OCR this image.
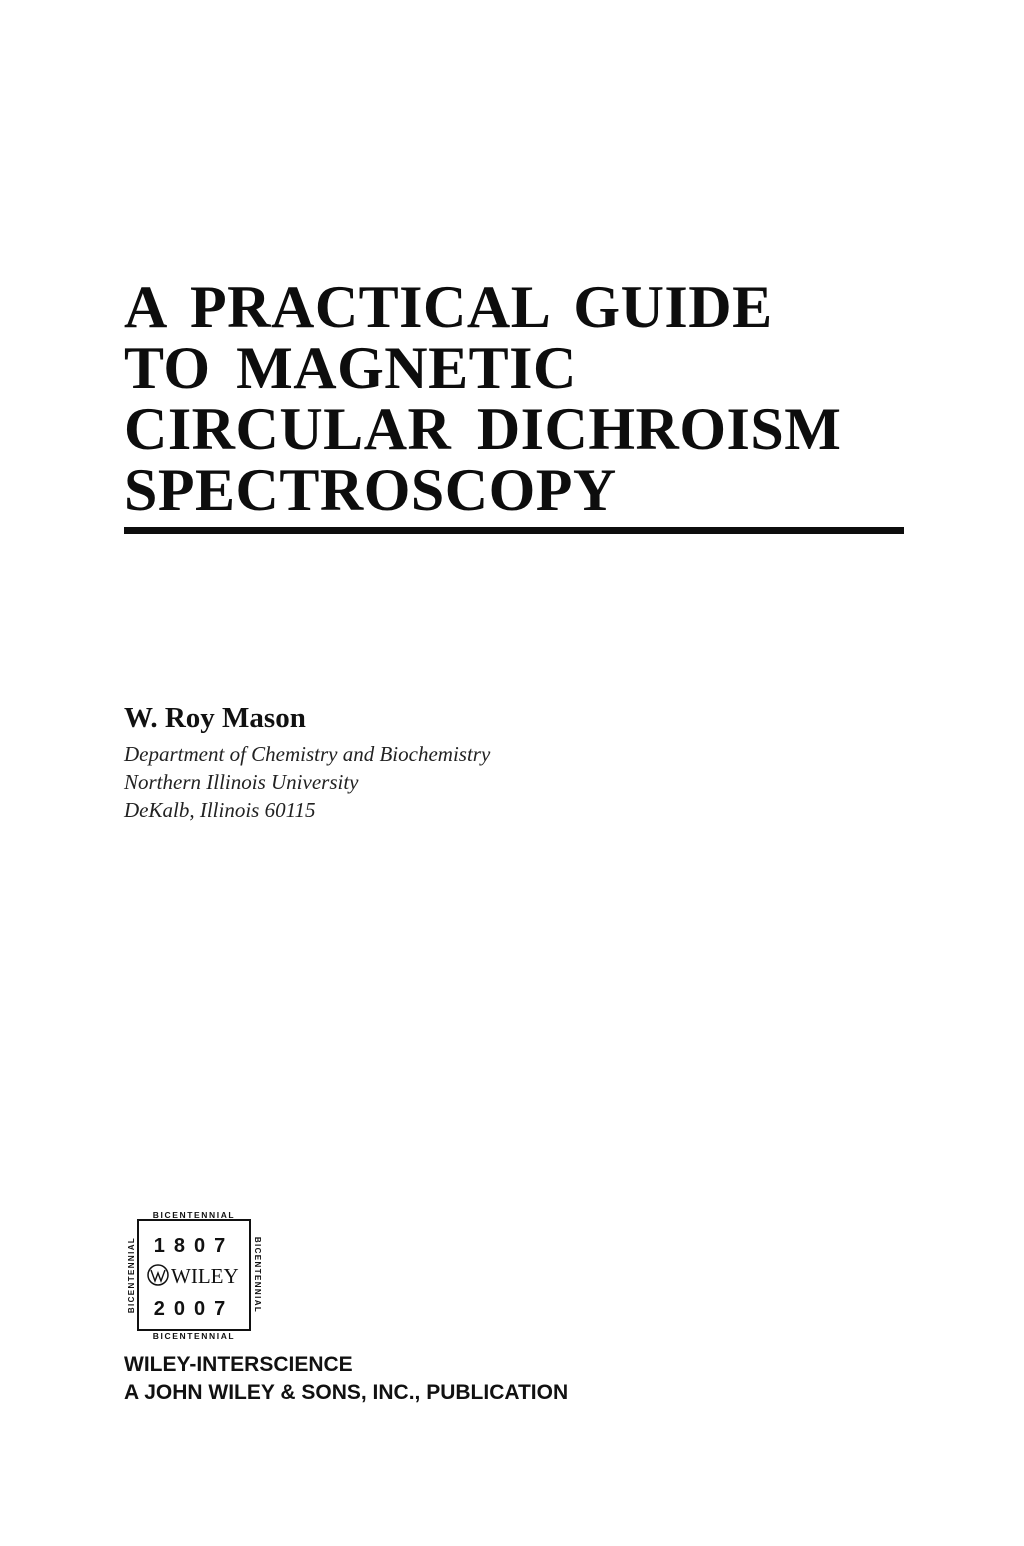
A PRACTICAL GUIDE
TO MAGNETIC
CIRCULAR DICHROISM
SPECTROSCOPY
W. Roy Mason
Department of Chemistry and Biochemistry
Northern Illinois University
DeKalb, Illinois 60115
BICENTENNIAL
BICENTENNIAL
BICENTENNIAL	BICENTENNIAL
1807
WILEY
2007
WILEY-INTERSCIENCE
A JOHN WILEY & SONS, INC., PUBLICATION
